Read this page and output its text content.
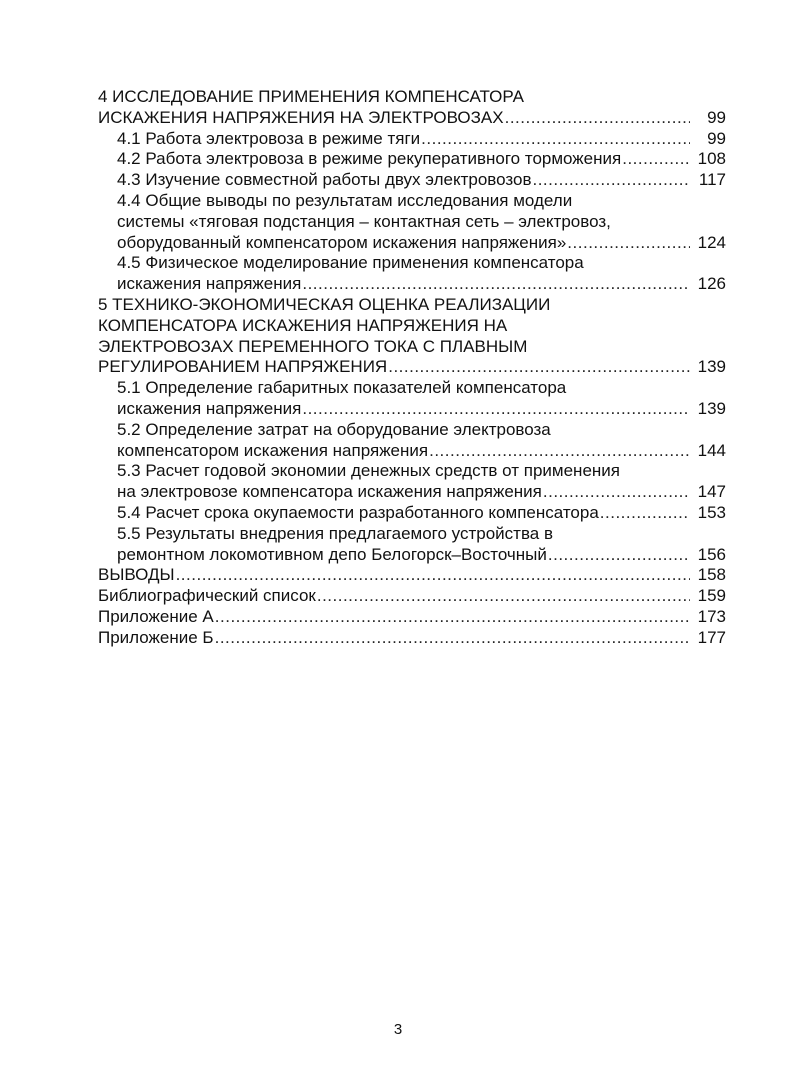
4 ИССЛЕДОВАНИЕ ПРИМЕНЕНИЯ КОМПЕНСАТОРА
ИСКАЖЕНИЯ НАПРЯЖЕНИЯ НА ЭЛЕКТРОВОЗАХ .....	99
4.1 Работа электровоза в режиме тяги .....	99
4.2 Работа электровоза в режиме рекуперативного торможения .....	108
4.3 Изучение совместной работы двух электровозов .....	117
4.4 Общие выводы по результатам исследования модели
системы «тяговая подстанция – контактная сеть – электровоз,
оборудованный компенсатором искажения напряжения» .....	124
4.5 Физическое моделирование применения компенсатора
искажения напряжения .....	126
5 ТЕХНИКО-ЭКОНОМИЧЕСКАЯ ОЦЕНКА РЕАЛИЗАЦИИ
КОМПЕНСАТОРА ИСКАЖЕНИЯ НАПРЯЖЕНИЯ НА
ЭЛЕКТРОВОЗАХ ПЕРЕМЕННОГО ТОКА С ПЛАВНЫМ
РЕГУЛИРОВАНИЕМ НАПРЯЖЕНИЯ .....	139
5.1 Определение габаритных показателей компенсатора
искажения напряжения .....	139
5.2 Определение затрат на оборудование электровоза
компенсатором искажения напряжения .....	144
5.3 Расчет годовой экономии денежных средств от применения
на электровозе компенсатора искажения напряжения .....	147
5.4 Расчет срока окупаемости разработанного компенсатора .....	153
5.5 Результаты внедрения предлагаемого устройства в
ремонтном локомотивном депо Белогорск–Восточный .....	156
ВЫВОДЫ .....	158
Библиографический список .....	159
Приложение А .....	173
Приложение Б .....	177
3
